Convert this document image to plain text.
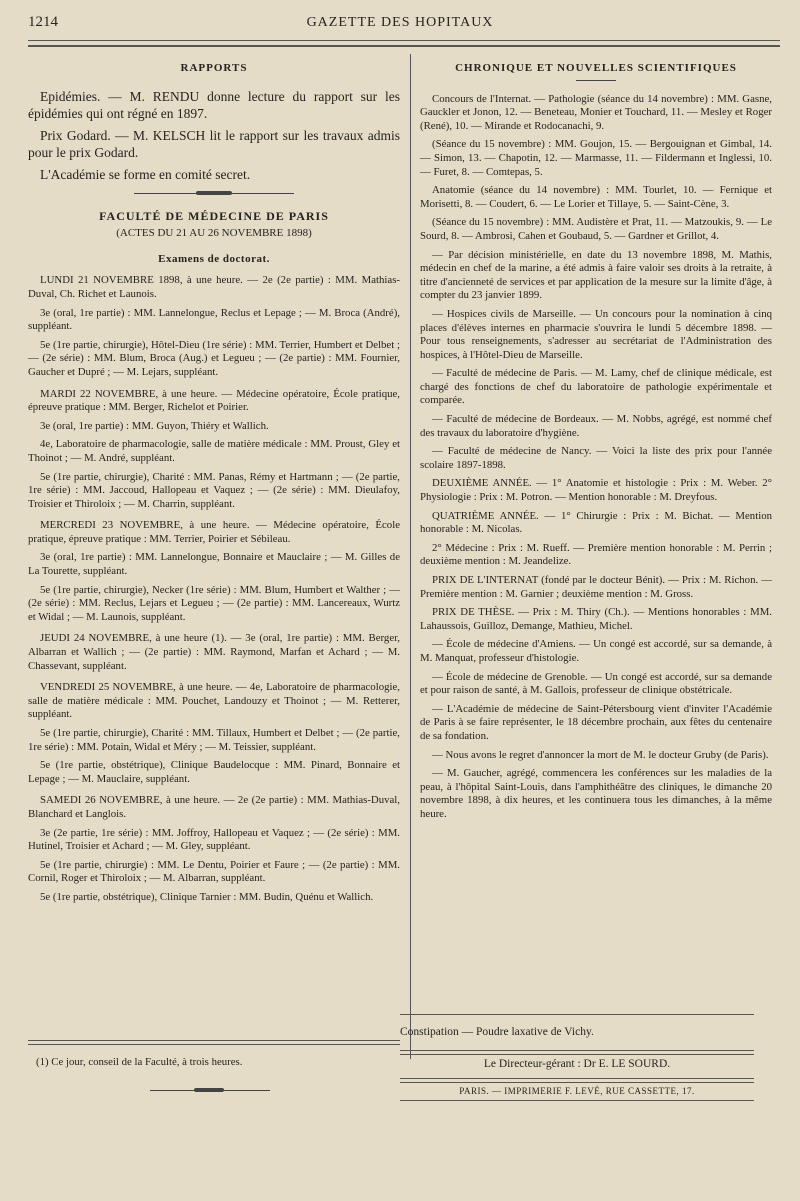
1214	GAZETTE DES HOPITAUX
RAPPORTS

Epidémies. — M. RENDU donne lecture du rapport sur les épidémies qui ont régné en 1897.

Prix Godard. — M. KELSCH lit le rapport sur les travaux admis pour le prix Godard.

L'Académie se forme en comité secret.

FACULTÉ DE MÉDECINE DE PARIS
(ACTES DU 21 AU 26 NOVEMBRE 1898)
Examens de doctorat.

LUNDI 21 NOVEMBRE 1898, à une heure. — 2e (2e partie) : MM. Mathias-Duval, Ch. Richet et Launois.

3e (oral, 1re partie) : MM. Lannelongue, Reclus et Lepage ; — M. Broca (André), suppléant.

5e (1re partie, chirurgie), Hôtel-Dieu (1re série) : MM. Terrier, Humbert et Delbet ; — (2e série) : MM. Blum, Broca (Aug.) et Legueu ; — (2e partie) : MM. Fournier, Gaucher et Dupré ; — M. Lejars, suppléant.

MARDI 22 NOVEMBRE, à une heure. — Médecine opératoire, École pratique, épreuve pratique : MM. Berger, Richelot et Poirier.

3e (oral, 1re partie) : MM. Guyon, Thiéry et Wallich.

4e, Laboratoire de pharmacologie, salle de matière médicale : MM. Proust, Gley et Thoinot ; — M. André, suppléant.

5e (1re partie, chirurgie), Charité : MM. Panas, Rémy et Hartmann ; — (2e partie, 1re série) : MM. Jaccoud, Hallopeau et Vaquez ; — (2e série) : MM. Dieulafoy, Troisier et Thiroloix ; — M. Charrin, suppléant.

MERCREDI 23 NOVEMBRE, à une heure. — Médecine opératoire, École pratique, épreuve pratique : MM. Terrier, Poirier et Sébileau.

3e (oral, 1re partie) : MM. Lannelongue, Bonnaire et Mauclaire ; — M. Gilles de La Tourette, suppléant.

5e (1re partie, chirurgie), Necker (1re série) : MM. Blum, Humbert et Walther ; — (2e série) : MM. Reclus, Lejars et Legueu ; — (2e partie) : MM. Lancereaux, Wurtz et Widal ; — M. Launois, suppléant.

JEUDI 24 NOVEMBRE, à une heure (1). — 3e (oral, 1re partie) : MM. Berger, Albarran et Wallich ; — (2e partie) : MM. Raymond, Marfan et Achard ; — M. Chassevant, suppléant.

VENDREDI 25 NOVEMBRE, à une heure. — 4e, Laboratoire de pharmacologie, salle de matière médicale : MM. Pouchet, Landouzy et Thoinot ; — M. Retterer, suppléant.

5e (1re partie, chirurgie), Charité : MM. Tillaux, Humbert et Delbet ; — (2e partie, 1re série) : MM. Potain, Widal et Méry ; — M. Teissier, suppléant.

5e (1re partie, obstétrique), Clinique Baudelocque : MM. Pinard, Bonnaire et Lepage ; — M. Mauclaire, suppléant.

SAMEDI 26 NOVEMBRE, à une heure. — 2e (2e partie) : MM. Mathias-Duval, Blanchard et Langlois.

3e (2e partie, 1re série) : MM. Joffroy, Hallopeau et Vaquez ; — (2e série) : MM. Hutinel, Troisier et Achard ; — M. Gley, suppléant.

5e (1re partie, chirurgie) : MM. Le Dentu, Poirier et Faure ; — (2e partie) : MM. Cornil, Roger et Thiroloix ; — M. Albarran, suppléant.

5e (1re partie, obstétrique), Clinique Tarnier : MM. Budin, Quénu et Wallich.

(1) Ce jour, conseil de la Faculté, à trois heures.
CHRONIQUE ET NOUVELLES SCIENTIFIQUES

Concours de l'Internat. — Pathologie (séance du 14 novembre) : MM. Gasne, Gauckler et Jonon, 12. — Beneteau, Monier et Touchard, 11. — Mesley et Roger (René), 10. — Mirande et Rodocanachi, 9.

(Séance du 15 novembre) : MM. Goujon, 15. — Bergouignan et Gimbal, 14. — Simon, 13. — Chapotin, 12. — Marmasse, 11. — Fildermann et Inglessi, 10. — Furet, 8. — Comtepas, 5.

Anatomie (séance du 14 novembre) : MM. Tourlet, 10. — Fernique et Morisetti, 8. — Coudert, 6. — Le Lorier et Tillaye, 5. — Saint-Cène, 3.

(Séance du 15 novembre) : MM. Audistère et Prat, 11. — Matzoukis, 9. — Le Sourd, 8. — Ambrosi, Cahen et Goubaud, 5. — Gardner et Grillot, 4.

— Par décision ministérielle, en date du 13 novembre 1898, M. Mathis, médecin en chef de la marine, a été admis à faire valoir ses droits à la retraite, à titre d'ancienneté de services et par application de la mesure sur la limite d'âge, à compter du 23 janvier 1899.

— Hospices civils de Marseille. — Un concours pour la nomination à cinq places d'élèves internes en pharmacie s'ouvrira le lundi 5 décembre 1898. — Pour tous renseignements, s'adresser au secrétariat de l'Administration des hospices, à l'Hôtel-Dieu de Marseille.

— Faculté de médecine de Paris. — M. Lamy, chef de clinique médicale, est chargé des fonctions de chef du laboratoire de pathologie expérimentale et comparée.

— Faculté de médecine de Bordeaux. — M. Nobbs, agrégé, est nommé chef des travaux du laboratoire d'hygiène.

— Faculté de médecine de Nancy. — Voici la liste des prix pour l'année scolaire 1897-1898.

DEUXIÈME ANNÉE. — 1° Anatomie et histologie : Prix : M. Weber. 2° Physiologie : Prix : M. Potron. — Mention honorable : M. Dreyfous.

QUATRIÈME ANNÉE. — 1° Chirurgie : Prix : M. Bichat. — Mention honorable : M. Nicolas.

2° Médecine : Prix : M. Rueff. — Première mention honorable : M. Perrin ; deuxième mention : M. Jeandelize.

PRIX DE L'INTERNAT (fondé par le docteur Bénit). — Prix : M. Richon. — Première mention : M. Garnier ; deuxième mention : M. Gross.

PRIX DE THÈSE. — Prix : M. Thiry (Ch.). — Mentions honorables : MM. Lahaussois, Guilloz, Demange, Mathieu, Michel.

— École de médecine d'Amiens. — Un congé est accordé, sur sa demande, à M. Manquat, professeur d'histologie.

— École de médecine de Grenoble. — Un congé est accordé, sur sa demande et pour raison de santé, à M. Gallois, professeur de clinique obstétricale.

— L'Académie de médecine de Saint-Pétersbourg vient d'inviter l'Académie de Paris à se faire représenter, le 18 décembre prochain, aux fêtes du centenaire de sa fondation.

— Nous avons le regret d'annoncer la mort de M. le docteur Gruby (de Paris).

— M. Gaucher, agrégé, commencera les conférences sur les maladies de la peau, à l'hôpital Saint-Louis, dans l'amphithéâtre des cliniques, le dimanche 20 novembre 1898, à dix heures, et les continuera tous les dimanches, à la même heure.

Constipation — Poudre laxative de Vichy.
Le Directeur-gérant : Dr E. LE SOURD.
PARIS. — IMPRIMERIE F. LEVÉ, RUE CASSETTE, 17.
